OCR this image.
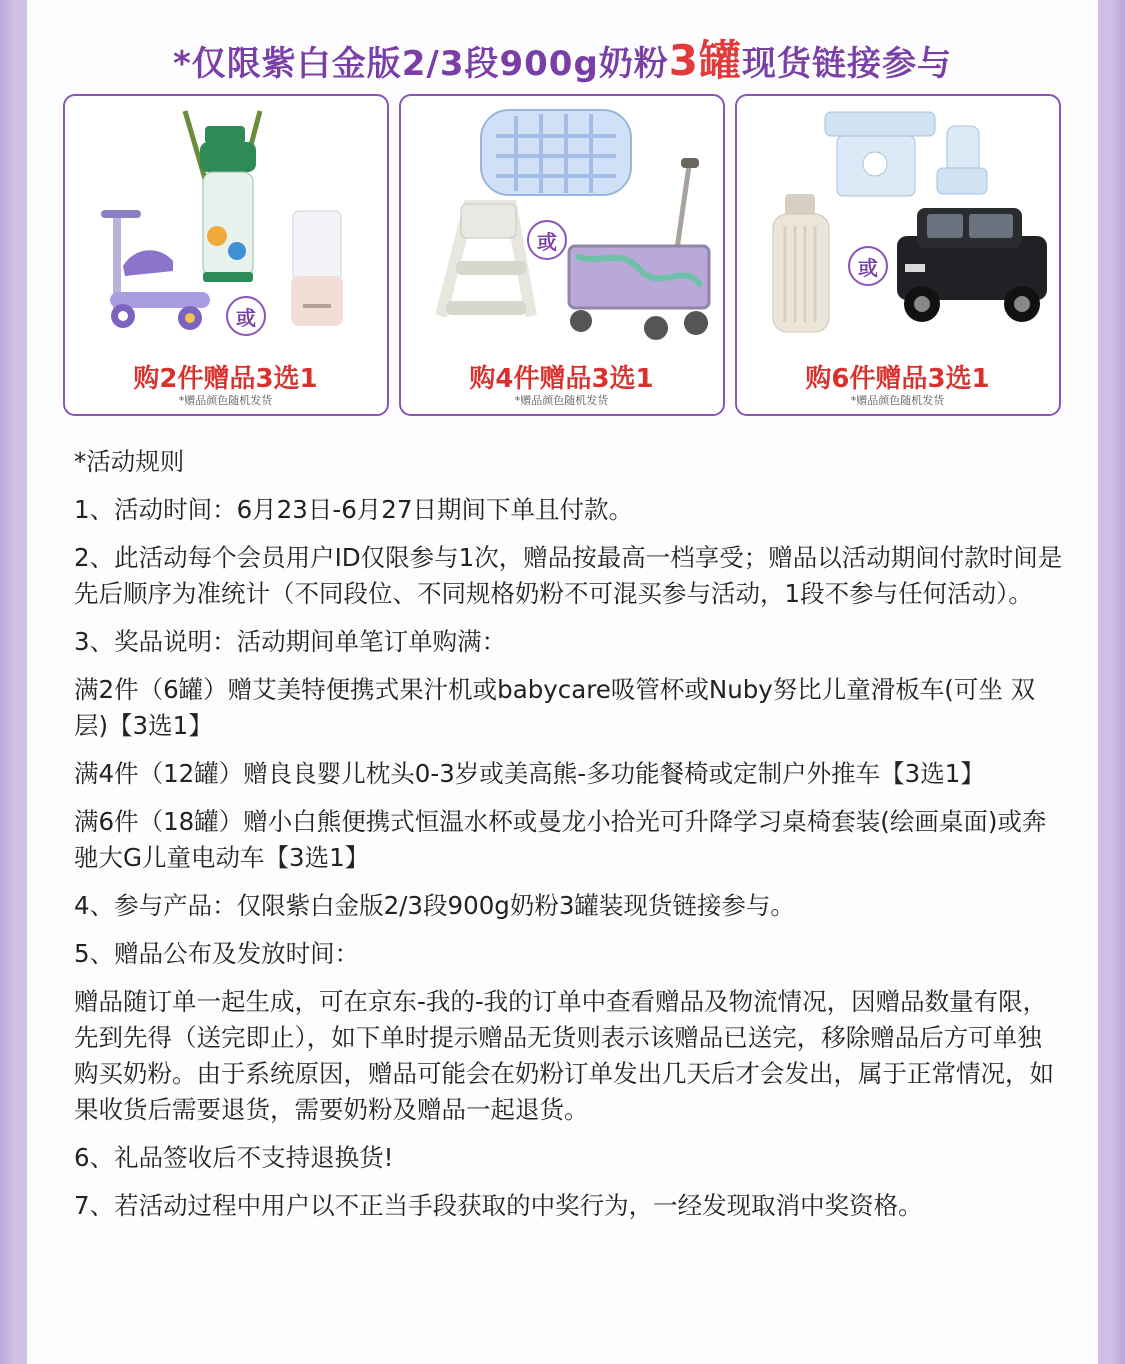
*仅限紫白金版2/3段900g奶粉3罐现货链接参与
或
购2件赠品3选1
*赠品颜色随机发货
或
购4件赠品3选1
*赠品颜色随机发货
或
购6件赠品3选1
*赠品颜色随机发货

*活动规则

1、活动时间：6月23日-6月27日期间下单且付款。

2、此活动每个会员用户ID仅限参与1次，赠品按最高一档享受；赠品以活动期间付款时间是先后顺序为准统计（不同段位、不同规格奶粉不可混买参与活动，1段不参与任何活动）。

3、奖品说明：活动期间单笔订单购满：

满2件（6罐）赠艾美特便携式果汁机或babycare吸管杯或Nuby努比儿童滑板车(可坐 双层)【3选1】

满4件（12罐）赠良良婴儿枕头0-3岁或美高熊-多功能餐椅或定制户外推车【3选1】

满6件（18罐）赠小白熊便携式恒温水杯或曼龙小拾光可升降学习桌椅套装(绘画桌面)或奔驰大G儿童电动车【3选1】

4、参与产品：仅限紫白金版2/3段900g奶粉3罐装现货链接参与。

5、赠品公布及发放时间：

赠品随订单一起生成，可在京东-我的-我的订单中查看赠品及物流情况，因赠品数量有限，先到先得（送完即止），如下单时提示赠品无货则表示该赠品已送完，移除赠品后方可单独购买奶粉。由于系统原因，赠品可能会在奶粉订单发出几天后才会发出，属于正常情况，如果收货后需要退货，需要奶粉及赠品一起退货。

6、礼品签收后不支持退换货!

7、若活动过程中用户以不正当手段获取的中奖行为，一经发现取消中奖资格。
